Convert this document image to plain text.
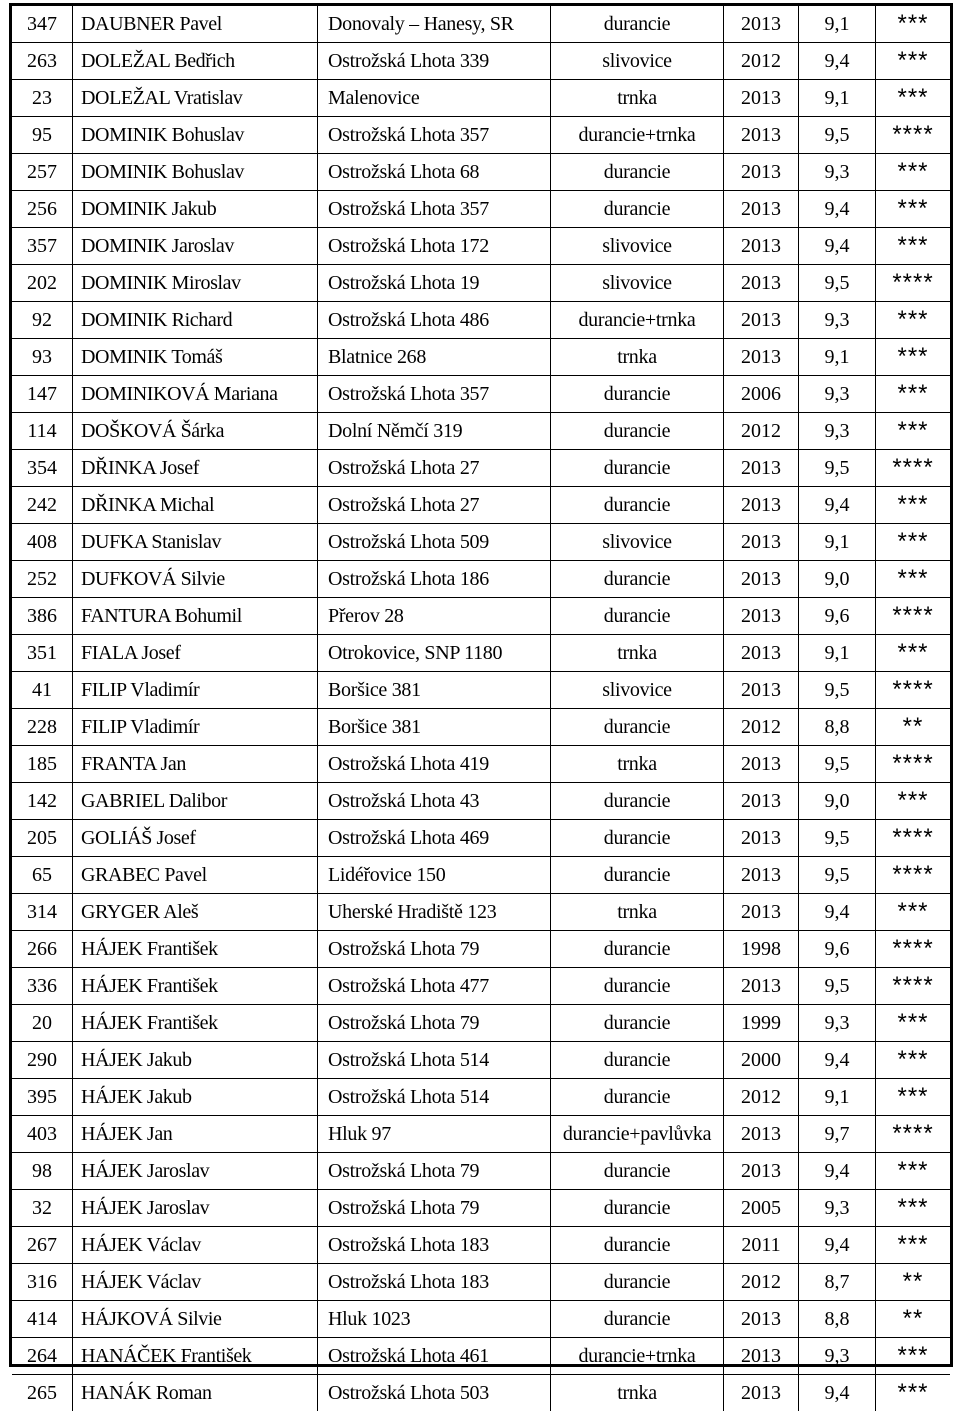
347	DAUBNER Pavel	Donovaly – Hanesy, SR	durancie	2013	9,1	***
263	DOLEŽAL Bedřich	Ostrožská Lhota 339	slivovice	2012	9,4	***
23	DOLEŽAL Vratislav	Malenovice	trnka	2013	9,1	***
95	DOMINIK Bohuslav	Ostrožská Lhota 357	durancie+trnka	2013	9,5	****
257	DOMINIK Bohuslav	Ostrožská Lhota 68	durancie	2013	9,3	***
256	DOMINIK Jakub	Ostrožská Lhota 357	durancie	2013	9,4	***
357	DOMINIK Jaroslav	Ostrožská Lhota 172	slivovice	2013	9,4	***
202	DOMINIK Miroslav	Ostrožská Lhota 19	slivovice	2013	9,5	****
92	DOMINIK Richard	Ostrožská Lhota 486	durancie+trnka	2013	9,3	***
93	DOMINIK Tomáš	Blatnice 268	trnka	2013	9,1	***
147	DOMINIKOVÁ Mariana	Ostrožská Lhota 357	durancie	2006	9,3	***
114	DOŠKOVÁ Šárka	Dolní Němčí 319	durancie	2012	9,3	***
354	DŘINKA Josef	Ostrožská Lhota 27	durancie	2013	9,5	****
242	DŘINKA Michal	Ostrožská Lhota 27	durancie	2013	9,4	***
408	DUFKA Stanislav	Ostrožská Lhota 509	slivovice	2013	9,1	***
252	DUFKOVÁ Silvie	Ostrožská Lhota 186	durancie	2013	9,0	***
386	FANTURA Bohumil	Přerov 28	durancie	2013	9,6	****
351	FIALA Josef	Otrokovice, SNP 1180	trnka	2013	9,1	***
41	FILIP Vladimír	Boršice 381	slivovice	2013	9,5	****
228	FILIP Vladimír	Boršice 381	durancie	2012	8,8	**
185	FRANTA Jan	Ostrožská Lhota 419	trnka	2013	9,5	****
142	GABRIEL Dalibor	Ostrožská Lhota 43	durancie	2013	9,0	***
205	GOLIÁŠ Josef	Ostrožská Lhota 469	durancie	2013	9,5	****
65	GRABEC Pavel	Lidéřovice 150	durancie	2013	9,5	****
314	GRYGER Aleš	Uherské Hradiště 123	trnka	2013	9,4	***
266	HÁJEK František	Ostrožská Lhota 79	durancie	1998	9,6	****
336	HÁJEK František	Ostrožská Lhota 477	durancie	2013	9,5	****
20	HÁJEK František	Ostrožská Lhota 79	durancie	1999	9,3	***
290	HÁJEK Jakub	Ostrožská Lhota 514	durancie	2000	9,4	***
395	HÁJEK Jakub	Ostrožská Lhota 514	durancie	2012	9,1	***
403	HÁJEK Jan	Hluk 97	durancie+pavlůvka	2013	9,7	****
98	HÁJEK Jaroslav	Ostrožská Lhota 79	durancie	2013	9,4	***
32	HÁJEK Jaroslav	Ostrožská Lhota 79	durancie	2005	9,3	***
267	HÁJEK Václav	Ostrožská Lhota 183	durancie	2011	9,4	***
316	HÁJEK Václav	Ostrožská Lhota 183	durancie	2012	8,7	**
414	HÁJKOVÁ Silvie	Hluk 1023	durancie	2013	8,8	**
264	HANÁČEK František	Ostrožská Lhota 461	durancie+trnka	2013	9,3	***
265	HANÁK Roman	Ostrožská Lhota 503	trnka	2013	9,4	***
